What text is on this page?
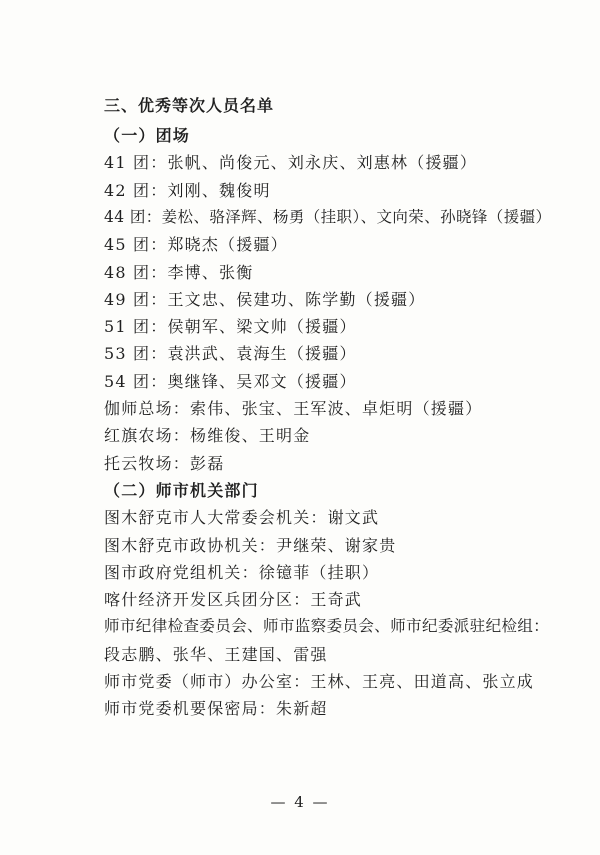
三、优秀等次人员名单
（一）团场
41 团：张帆、尚俊元、刘永庆、刘惠林（援疆）
42 团：刘刚、魏俊明
44 团：姜松、骆泽辉、杨勇（挂职）、文向荣、孙晓锋（援疆）
45 团：郑晓杰（援疆）
48 团：李博、张衡
49 团：王文忠、侯建功、陈学勤（援疆）
51 团：侯朝军、梁文帅（援疆）
53 团：袁洪武、袁海生（援疆）
54 团：奥继锋、吴邓文（援疆）
伽师总场：索伟、张宝、王军波、卓炬明（援疆）
红旗农场：杨维俊、王明金
托云牧场：彭磊
（二）师市机关部门
图木舒克市人大常委会机关：谢文武
图木舒克市政协机关：尹继荣、谢家贵
图市政府党组机关：徐镱菲（挂职）
喀什经济开发区兵团分区：王奇武
师市纪律检查委员会、师市监察委员会、师市纪委派驻纪检组：
段志鹏、张华、王建国、雷强
师市党委（师市）办公室：王林、王亮、田道高、张立成
师市党委机要保密局：朱新超
— 4 —
